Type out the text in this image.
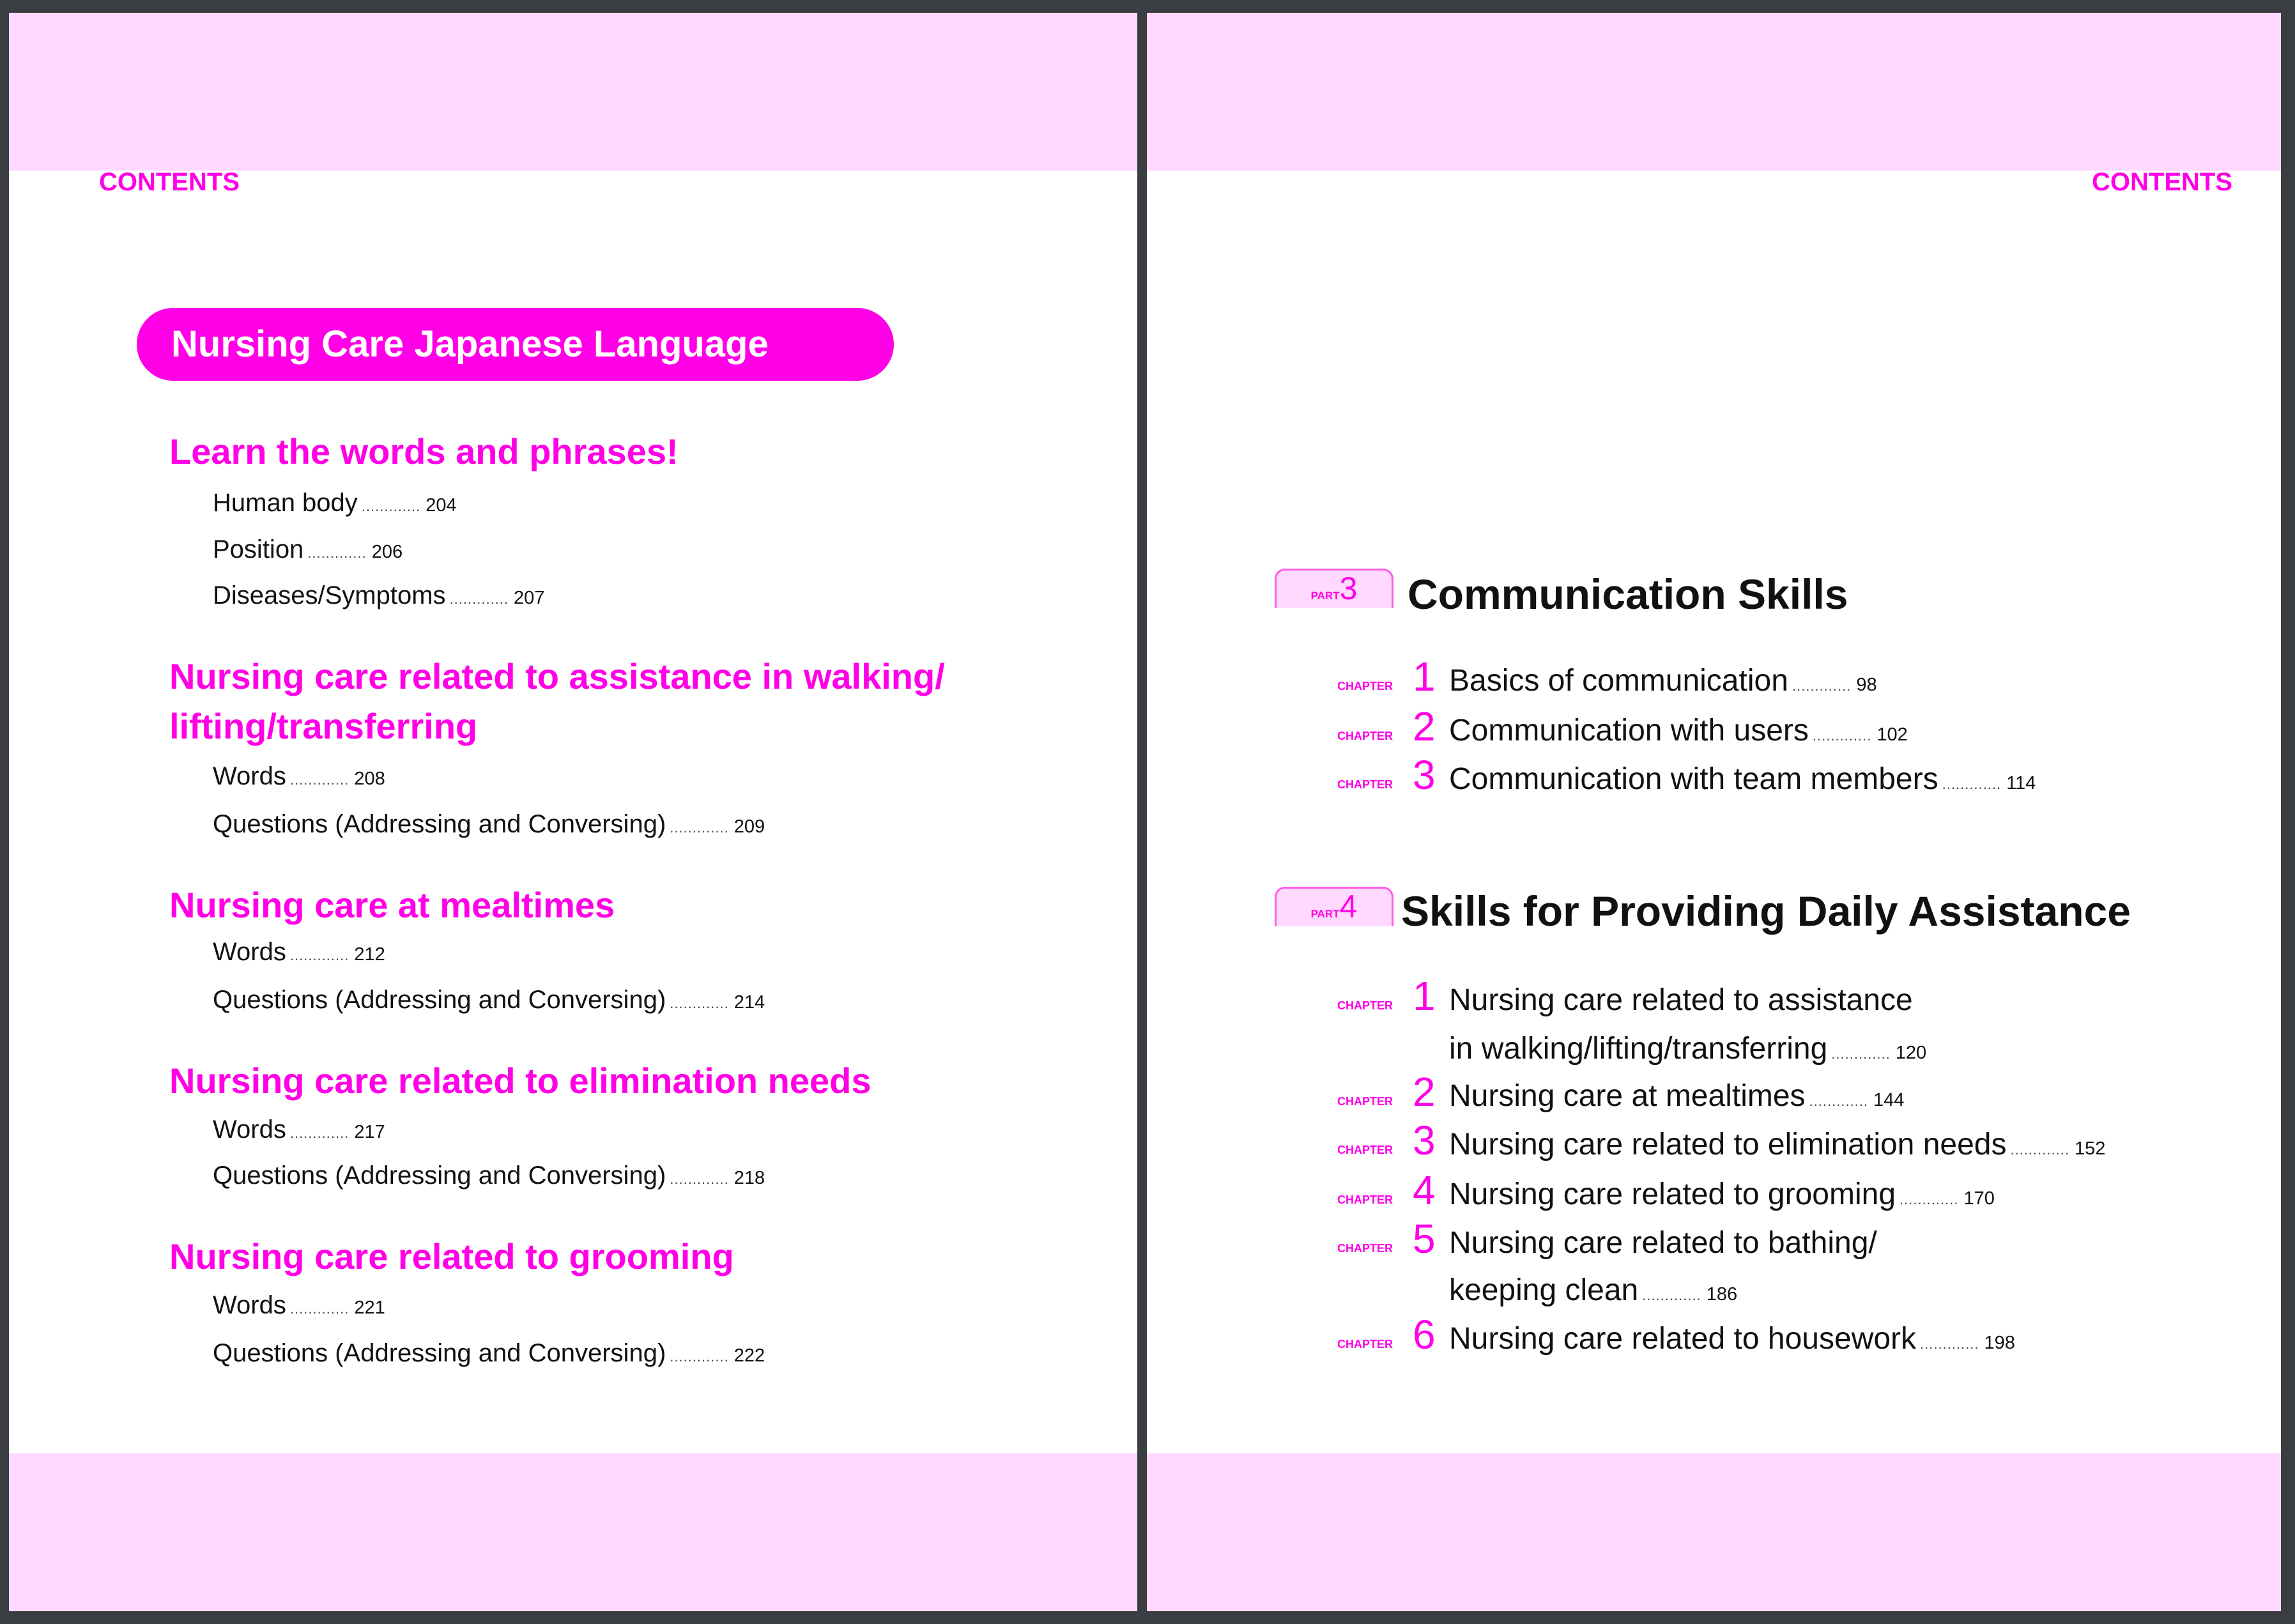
CONTENTS
Nursing Care Japanese Language
Learn the words and phrases!
Human body ............. 204
Position ............. 206
Diseases/Symptoms ............. 207
Nursing care related to assistance in walking/
lifting/transferring
Words ............. 208
Questions (Addressing and Conversing) ............. 209
Nursing care at mealtimes
Words ............. 212
Questions (Addressing and Conversing) ............. 214
Nursing care related to elimination needs
Words ............. 217
Questions (Addressing and Conversing) ............. 218
Nursing care related to grooming
Words ............. 221
Questions (Addressing and Conversing) ............. 222
CONTENTS
PART3	Communication Skills
CHAPTER 1 Basics of communication ............. 98
CHAPTER 2 Communication with users ............. 102
CHAPTER 3 Communication with team members ............. 114
PART4	Skills for Providing Daily Assistance
CHAPTER 1 Nursing care related to assistance
in walking/lifting/transferring ............. 120
CHAPTER 2 Nursing care at mealtimes ............. 144
CHAPTER 3 Nursing care related to elimination needs ............. 152
CHAPTER 4 Nursing care related to grooming ............. 170
CHAPTER 5 Nursing care related to bathing/
keeping clean ............. 186
CHAPTER 6 Nursing care related to housework ............. 198
